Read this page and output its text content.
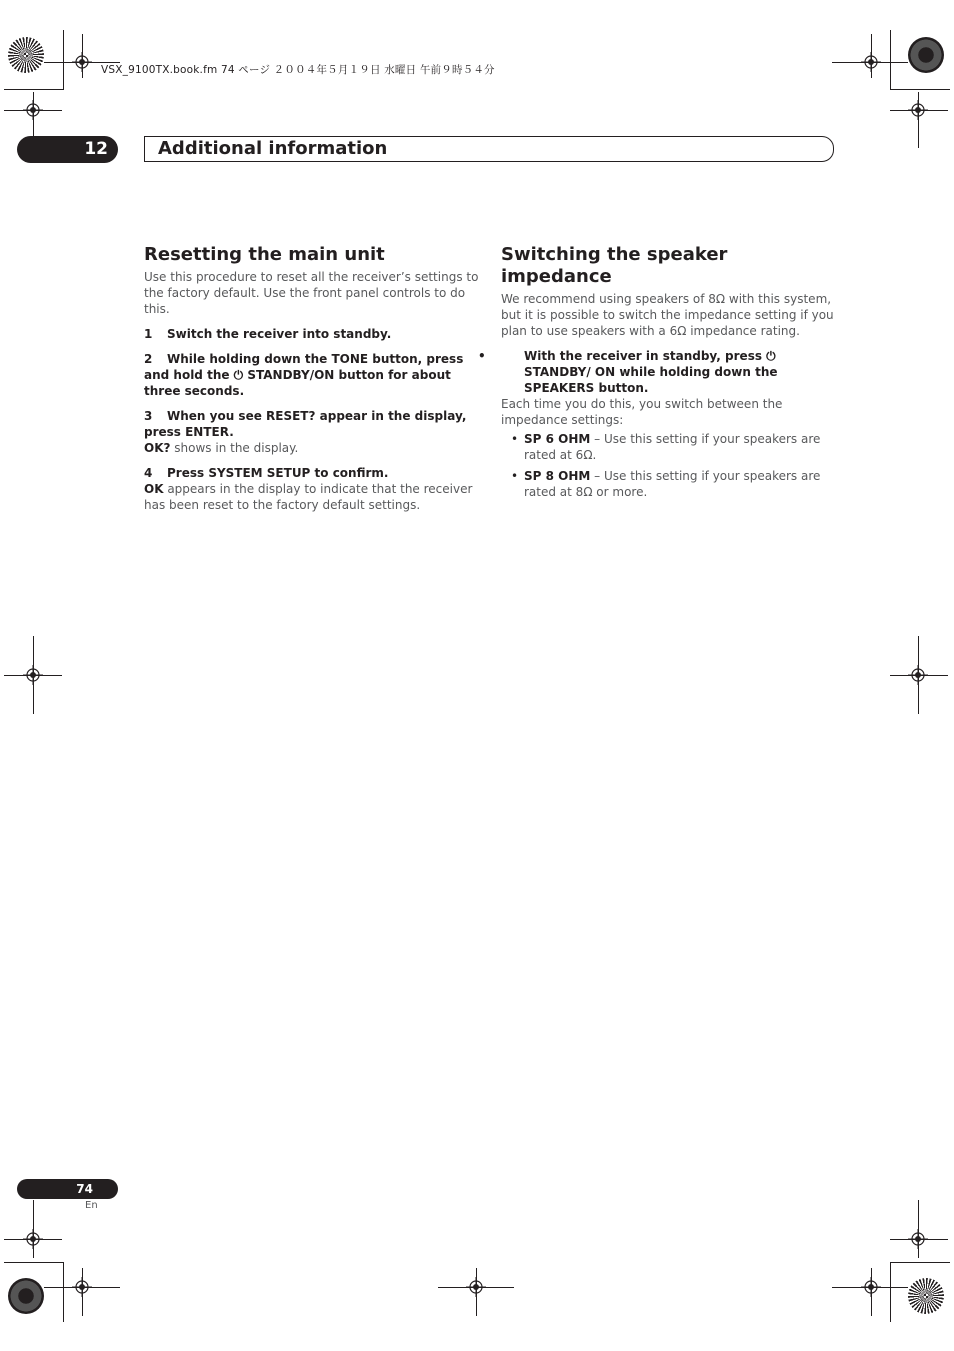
VSX_9100TX.book.fm 74 ページ ２００４年５月１９日 水曜日 午前９時５４分
12	Additional information
Resetting the main unit

Use this procedure to reset all the receiver’s settings to the factory default. Use the front panel controls to do this.

1 Switch the receiver into standby.

2 While holding down the TONE button, press and hold the ⏻ STANDBY/ON button for about three seconds.

3 When you see RESET? appear in the display, press ENTER.

OK? shows in the display.

4 Press SYSTEM SETUP to confirm.

OK appears in the display to indicate that the receiver has been reset to the factory default settings.

Switching the speaker impedance

We recommend using speakers of 8Ω with this system, but it is possible to switch the impedance setting if you plan to use speakers with a 6Ω impedance rating.

•	With the receiver in standby, press ⏻ STANDBY/ ON while holding down the SPEAKERS button.

Each time you do this, you switch between the impedance settings:

• SP 6 OHM – Use this setting if your speakers are rated at 6Ω.
• SP 8 OHM – Use this setting if your speakers are rated at 8Ω or more.
74
En
